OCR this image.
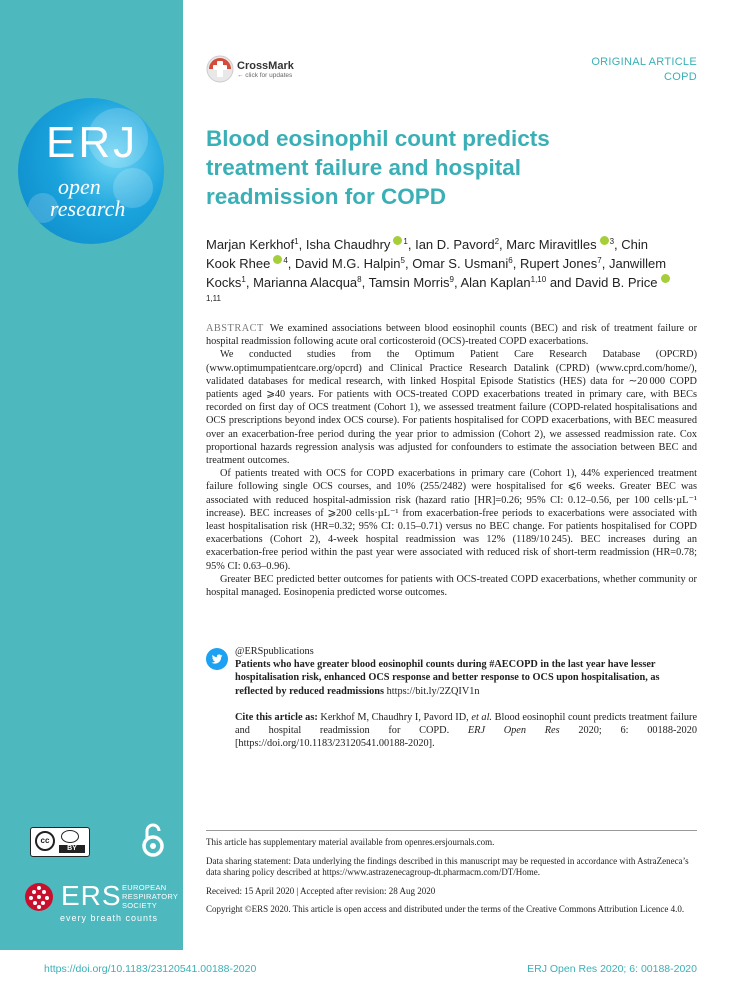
ERJ
open
research
cc
BY
ERS EUROPEAN
RESPIRATORY
SOCIETY
every breath counts
CrossMark
← click for updates
ORIGINAL ARTICLE
COPD
Blood eosinophil count predicts treatment failure and hospital readmission for COPD
Marjan Kerkhof$^1$, Isha Chaudhry $^1$, Ian D. Pavord$^2$, Marc Miravitlles $^3$, Chin Kook Rhee $^4$, David M.G. Halpin$^5$, Omar S. Usmani$^6$, Rupert Jones$^7$, Janwillem Kocks$^1$, Marianna Alacqua$^8$, Tamsin Morris$^9$, Alan Kaplan$^{1,10}$ and David B. Price$^{1,11}$

ABSTRACT We examined associations between blood eosinophil counts (BEC) and risk of treatment failure or hospital readmission following acute oral corticosteroid (OCS)-treated COPD exacerbations.

We conducted studies from the Optimum Patient Care Research Database (OPCRD) (www.optimumpatientcare.org/opcrd) and Clinical Practice Research Datalink (CPRD) (www.cprd.com/home/), validated databases for medical research, with linked Hospital Episode Statistics (HES) data for ∼20 000 COPD patients aged ⩾40 years. For patients with OCS-treated COPD exacerbations treated in primary care, with BECs recorded on first day of OCS treatment (Cohort 1), we assessed treatment failure (COPD-related hospitalisations and OCS prescriptions beyond index OCS course). For patients hospitalised for COPD exacerbations, with BEC measured over an exacerbation-free period during the year prior to admission (Cohort 2), we assessed readmission rate. Cox proportional hazards regression analysis was adjusted for confounders to estimate the association between BEC and treatment outcomes.

Of patients treated with OCS for COPD exacerbations in primary care (Cohort 1), 44% experienced treatment failure following single OCS courses, and 10% (255/2482) were hospitalised for ⩽6 weeks. Greater BEC was associated with reduced hospital-admission risk (hazard ratio [HR]=0.26; 95% CI: 0.12–0.56, per 100 cells·µL⁻¹ increase). BEC increases of ⩾200 cells·µL⁻¹ from exacerbation-free periods to exacerbations were associated with least hospitalisation risk (HR=0.32; 95% CI: 0.15–0.71) versus no BEC change. For patients hospitalised for COPD exacerbations (Cohort 2), 4-week hospital readmission was 12% (1189/10 245). BEC increases during an exacerbation-free period within the past year were associated with reduced risk of short-term readmission (HR=0.78; 95% CI: 0.63–0.96).

Greater BEC predicted better outcomes for patients with OCS-treated COPD exacerbations, whether community or hospital managed. Eosinopenia predicted worse outcomes.

@ERSpublications
Patients who have greater blood eosinophil counts during #AECOPD in the last year have lesser hospitalisation risk, enhanced OCS response and better response to OCS upon hospitalisation, as reflected by reduced readmissions https://bit.ly/2ZQIV1n
Cite this article as: Kerkhof M, Chaudhry I, Pavord ID, et al. Blood eosinophil count predicts treatment failure and hospital readmission for COPD. ERJ Open Res 2020; 6: 00188-2020 [https://doi.org/10.1183/23120541.00188-2020].

This article has supplementary material available from openres.ersjournals.com.

Data sharing statement: Data underlying the findings described in this manuscript may be requested in accordance with AstraZeneca’s data sharing policy described at https://www.astrazenecagroup-dt.pharmacm.com/DT/Home.

Received: 15 April 2020 | Accepted after revision: 28 Aug 2020

Copyright ©ERS 2020. This article is open access and distributed under the terms of the Creative Commons Attribution Licence 4.0.

https://doi.org/10.1183/23120541.00188-2020	ERJ Open Res 2020; 6: 00188-2020
